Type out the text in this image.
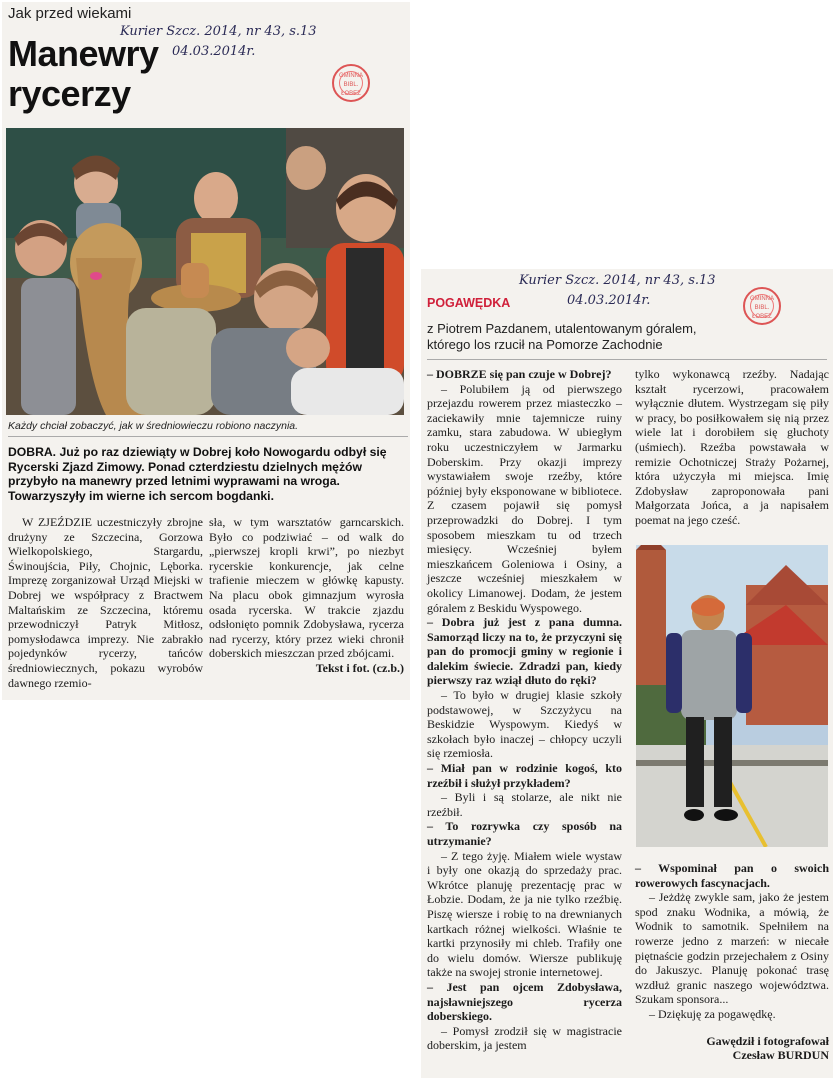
Jak przed wiekami
Manewry rycerzy
Kurier Szcz. 2014, nr 43, s.13
04.03.2014r.
GMINNA
BIBL.
ŁOBEZ
Każdy chciał zobaczyć, jak w średniowieczu robiono naczynia.
DOBRA. Już po raz dziewiąty w Dobrej koło Nowogardu odbył się Rycerski Zjazd Zimowy. Ponad czterdziestu dzielnych mężów przybyło na manewry przed letnimi wyprawami na wroga. Towarzyszyły im wierne ich sercom bogdanki.

W ZJEŹDZIE uczestniczyły zbrojne drużyny ze Szczecina, Gorzowa Wielkopolskiego, Stargardu, Świnoujścia, Piły, Chojnic, Lęborka. Imprezę zorganizował Urząd Miejski w Dobrej we współpracy z Bractwem Maltańskim ze Szczecina, któremu przewodniczył Patryk Mitłosz, pomysłodawca imprezy. Nie zabrakło pojedynków rycerzy, tańców średniowiecznych, pokazu wyrobów dawnego rzemio-

sła, w tym warsztatów garncarskich. Było co podziwiać – od walk do „pierwszej kropli krwi”, po niezbyt rycerskie konkurencje, jak celne trafienie mieczem w główkę kapusty. Na placu obok gimnazjum wyrosła osada rycerska. W trakcie zjazdu odsłonięto pomnik Zdobysława, rycerza nad rycerzy, który przez wieki chronił doberskich mieszczan przed zbójcami.

Tekst i fot. (cz.b.)

Kurier Szcz. 2014, nr 43, s.13
04.03.2014r.	GMINNA
BIBL.
ŁOBEZ
POGAWĘDKA
z Piotrem Pazdanem, utalentowanym góralem, którego los rzucił na Pomorze Zachodnie

– DOBRZE się pan czuje w Dobrej?

– Polubiłem ją od pierwszego przejazdu rowerem przez miasteczko – zaciekawiły mnie tajemnicze ruiny zamku, stara zabudowa. W ubiegłym roku uczestniczyłem w Jarmarku Doberskim. Przy okazji imprezy wystawiałem swoje rzeźby, które później były eksponowane w bibliotece. Z czasem pojawił się pomysł przeprowadzki do Dobrej. I tym sposobem mieszkam tu od trzech miesięcy. Wcześniej byłem mieszkańcem Goleniowa i Osiny, a jeszcze wcześniej mieszkałem w okolicy Limanowej. Dodam, że jestem góralem z Beskidu Wyspowego.

– Dobra już jest z pana dumna. Samorząd liczy na to, że przyczyni się pan do promocji gminy w regionie i dalekim świecie. Zdradzi pan, kiedy pierwszy raz wziął dłuto do ręki?

– To było w drugiej klasie szkoły podstawowej, w Szczyżycu na Beskidzie Wyspowym. Kiedyś w szkołach było inaczej – chłopcy uczyli się rzemiosła.

– Miał pan w rodzinie kogoś, kto rzeźbił i służył przykładem?

– Byli i są stolarze, ale nikt nie rzeźbił.

– To rozrywka czy sposób na utrzymanie?

– Z tego żyję. Miałem wiele wystaw i były one okazją do sprzedaży prac. Wkrótce planuję prezentację prac w Łobzie. Dodam, że ja nie tylko rzeźbię. Piszę wiersze i robię to na drewnianych kartkach różnej wielkości. Właśnie te kartki przynosiły mi chleb. Trafiły one do wielu domów. Wiersze publikuję także na swojej stronie internetowej.

– Jest pan ojcem Zdobysława, najsławniejszego rycerza doberskiego.

– Pomysł zrodził się w magistracie doberskim, ja jestem

tylko wykonawcą rzeźby. Nadając kształt rycerzowi, pracowałem wyłącznie dłutem. Wystrzegam się piły w pracy, bo posiłkowałem się nią przez wiele lat i dorobiłem się głuchoty (uśmiech). Rzeźba powstawała w remizie Ochotniczej Straży Pożarnej, która użyczyła mi miejsca. Imię Zdobysław zaproponowała pani Małgorzata Jońca, a ja napisałem poemat na jego cześć.

– Wspominał pan o swoich rowerowych fascynacjach.

– Jeżdżę zwykle sam, jako że jestem spod znaku Wodnika, a mówią, że Wodnik to samotnik. Spełniłem na rowerze jedno z marzeń: w niecałe piętnaście godzin przejechałem z Osiny do Jakuszyc. Planuję pokonać trasę wzdłuż granic naszego województwa. Szukam sponsora...

– Dziękuję za pogawędkę.

Gawędził i fotografował

Czesław BURDUN
